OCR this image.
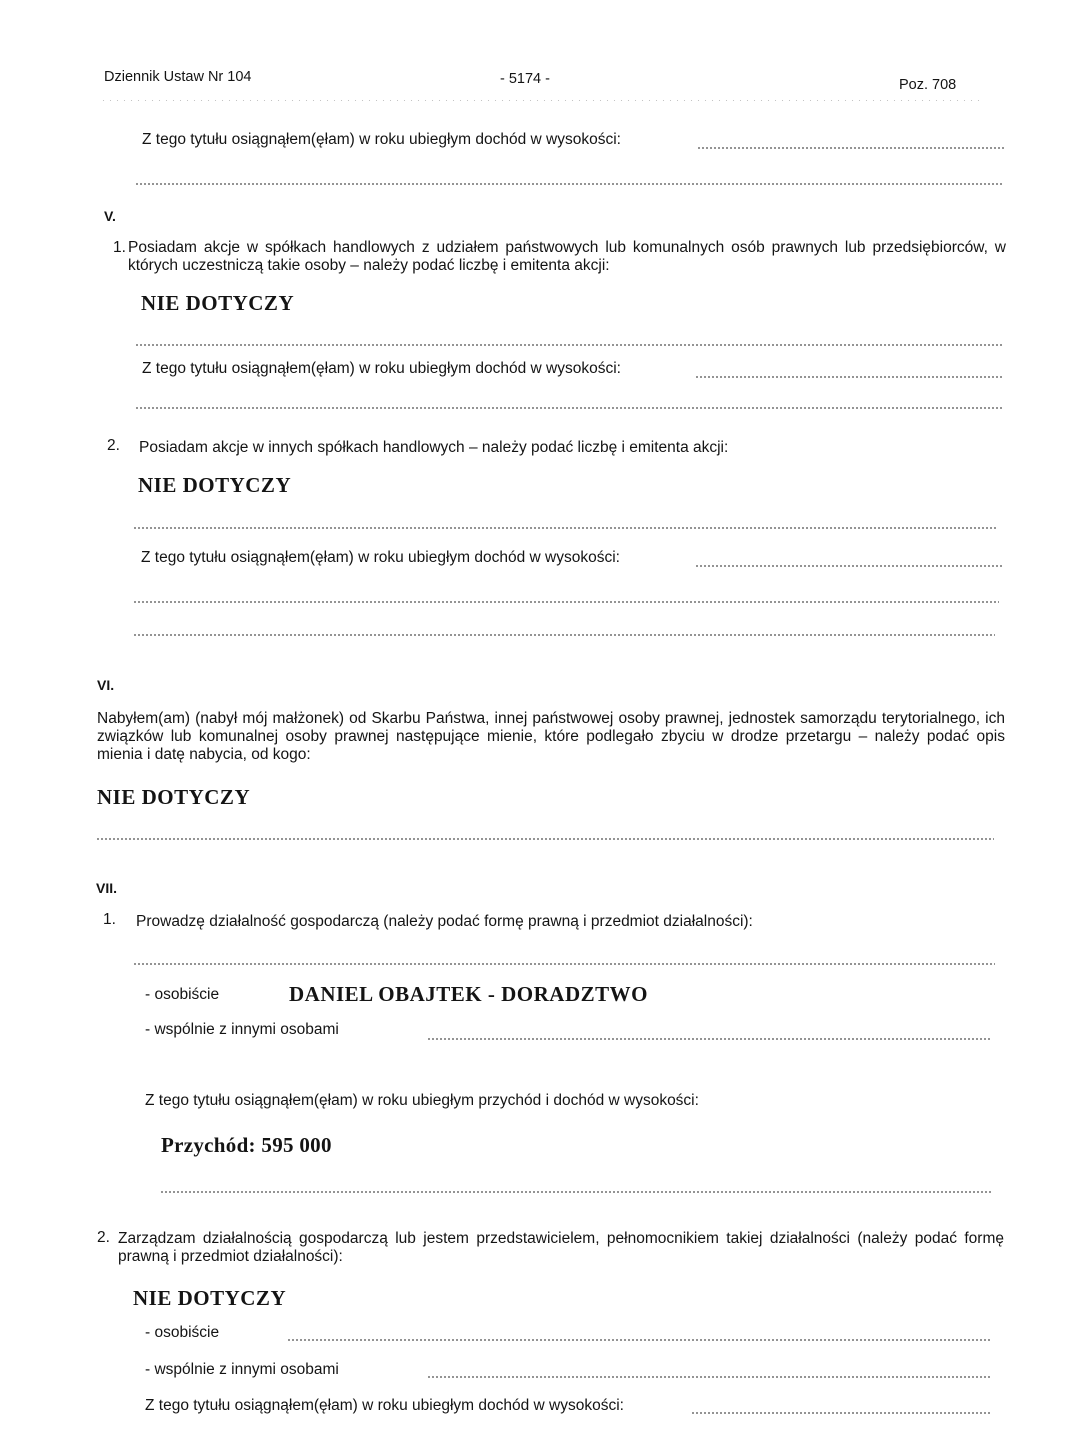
Dziennik Ustaw Nr 104	- 5174 -	Poz. 708
Z tego tytułu osiągnąłem(ęłam) w roku ubiegłym dochód w wysokości:
V.
1. Posiadam akcje w spółkach handlowych z udziałem państwowych lub komunalnych osób prawnych lub przedsiębiorców, w których uczestniczą takie osoby – należy podać liczbę i emitenta akcji:
NIE DOTYCZY
Z tego tytułu osiągnąłem(ęłam) w roku ubiegłym dochód w wysokości:
2. Posiadam akcje w innych spółkach handlowych – należy podać liczbę i emitenta akcji:
NIE DOTYCZY
Z tego tytułu osiągnąłem(ęłam) w roku ubiegłym dochód w wysokości:
VI.
Nabyłem(am) (nabył mój małżonek) od Skarbu Państwa, innej państwowej osoby prawnej, jednostek samorządu terytorialnego, ich związków lub komunalnej osoby prawnej następujące mienie, które podlegało zbyciu w drodze przetargu – należy podać opis mienia i datę nabycia, od kogo:
NIE DOTYCZY
VII.
1. Prowadzę działalność gospodarczą (należy podać formę prawną i przedmiot działalności):
- osobiście	DANIEL OBAJTEK - DORADZTWO
- wspólnie z innymi osobami
Z tego tytułu osiągnąłem(ęłam) w roku ubiegłym przychód i dochód w wysokości:
Przychód: 595 000
2. Zarządzam działalnością gospodarczą lub jestem przedstawicielem, pełnomocnikiem takiej działalności (należy podać formę prawną i przedmiot działalności):
NIE DOTYCZY
- osobiście
- wspólnie z innymi osobami
Z tego tytułu osiągnąłem(ęłam) w roku ubiegłym dochód w wysokości:
